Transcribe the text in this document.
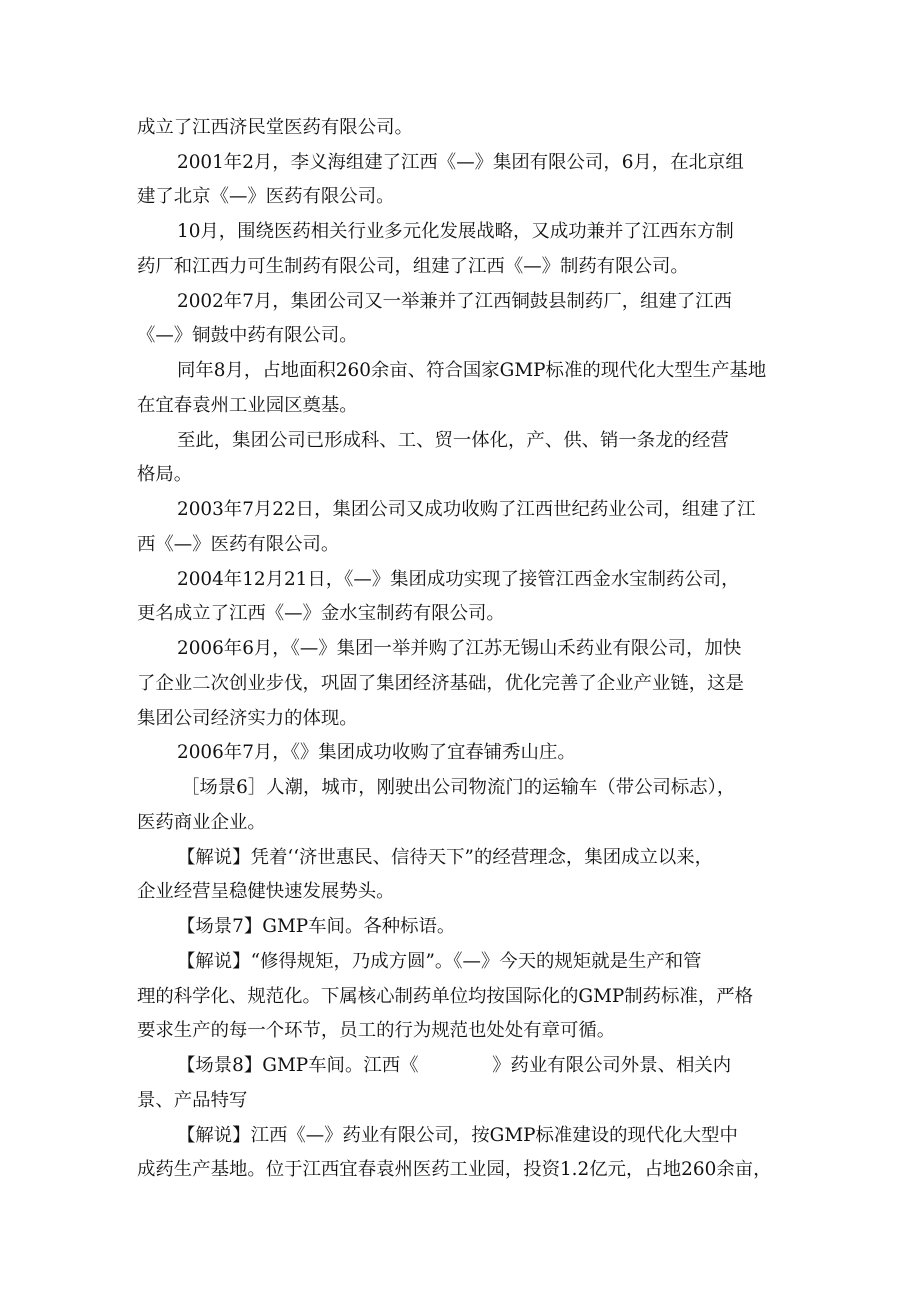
成立了江西济民堂医药有限公司。

2001年2月，李义海组建了江西《—》集团有限公司，6月，在北京组

建了北京《—》医药有限公司。

10月，围绕医药相关行业多元化发展战略，又成功兼并了江西东方制

药厂和江西力可生制药有限公司，组建了江西《—》制药有限公司。

2002年7月，集团公司又一举兼并了江西铜鼓县制药厂，组建了江西

《—》铜鼓中药有限公司。

同年8月，占地面积260余亩、符合国家GMP标准的现代化大型生产基地

在宜春袁州工业园区奠基。

至此，集团公司已形成科、工、贸一体化，产、供、销一条龙的经营

格局。

2003年7月22日，集团公司又成功收购了江西世纪药业公司，组建了江

西《—》医药有限公司。

2004年12月21日，《—》集团成功实现了接管江西金水宝制药公司，

更名成立了江西《—》金水宝制药有限公司。

2006年6月，《—》集团一举并购了江苏无锡山禾药业有限公司，加快

了企业二次创业步伐，巩固了集团经济基础，优化完善了企业产业链，这是

集团公司经济实力的体现。

2006年7月，《》集团成功收购了宜春铺秀山庄。

［场景6］人潮，城市，刚驶出公司物流门的运输车（带公司标志），

医药商业企业。

【解说】凭着‘‘济世惠民、信待天下”的经营理念，集团成立以来，

企业经营呈稳健快速发展势头。

【场景7】GMP车间。各种标语。

【解说】“修得规矩，乃成方圆”。《—》今天的规矩就是生产和管

理的科学化、规范化。下属核心制药单位均按国际化的GMP制药标准，严格

要求生产的每一个环节，员工的行为规范也处处有章可循。

【场景8】GMP车间。江西《　　　　》药业有限公司外景、相关内

景、产品特写

【解说】江西《—》药业有限公司，按GMP标准建设的现代化大型中

成药生产基地。位于江西宜春袁州医药工业园，投资1.2亿元，占地260余亩，
